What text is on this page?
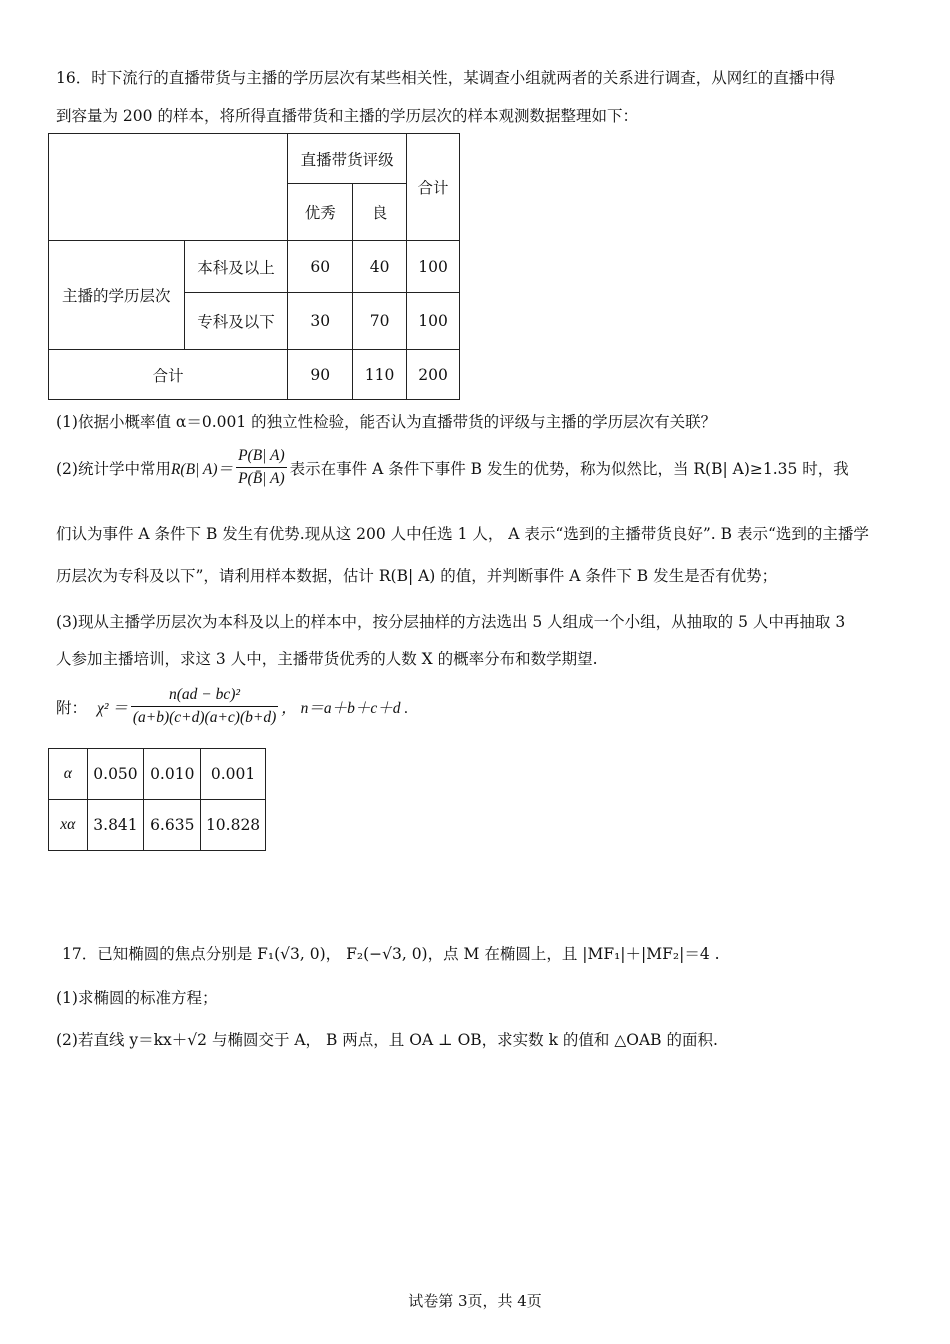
16．时下流行的直播带货与主播的学历层次有某些相关性，某调查小组就两者的关系进行调查，从网红的直播中得
到容量为 200 的样本，将所得直播带货和主播的学历层次的样本观测数据整理如下：
		直播带货评级		合计
		优秀	良	
主播的学历层次	本科及以上	60	40	100
	专科及以下	30	70	100
合计		90	110	200
(1)依据小概率值 α＝0.001 的独立性检验，能否认为直播带货的评级与主播的学历层次有关联？
(2)统计学中常用 R(B| $A)= \frac{P(B| A)}{P(B̄| A)}$ 表示在事件 A 条件下事件 B 发生的优势，称为似然比，当 R(B| A)≥1.35 时，我
们认为事件 A 条件下 B 发生有优势.现从这 200 人中任选 1 人， A 表示“选到的主播带货良好”. B 表示“选到的主播学
历层次为专科及以下”，请利用样本数据，估计 R(B| A) 的值，并判断事件 A 条件下 B 发生是否有优势；
(3)现从主播学历层次为本科及以上的样本中，按分层抽样的方法选出 5 人组成一个小组，从抽取的 5 人中再抽取 3
人参加主播培训，求这 3 人中，主播带货优秀的人数 X 的概率分布和数学期望.
附： $\chi^2 = \frac{\text{n(ad − bc)²}}{(a+b)(c+d)(a+c)(b+d)}$ ， n＝a＋b＋c＋d .
α	0.050	0.010	0.001
xα	3.841	6.635	10.828
17．已知椭圆的焦点分别是 F₁(√3, 0)， F₂(−√3, 0)，点 M 在椭圆上，且 |MF₁|＋|MF₂|＝4 .
(1)求椭圆的标准方程；
(2)若直线 y＝kx＋√2 与椭圆交于 A， B 两点，且 OA ⊥ OB，求实数 k 的值和 △OAB 的面积.
试卷第 3页，共 4页
